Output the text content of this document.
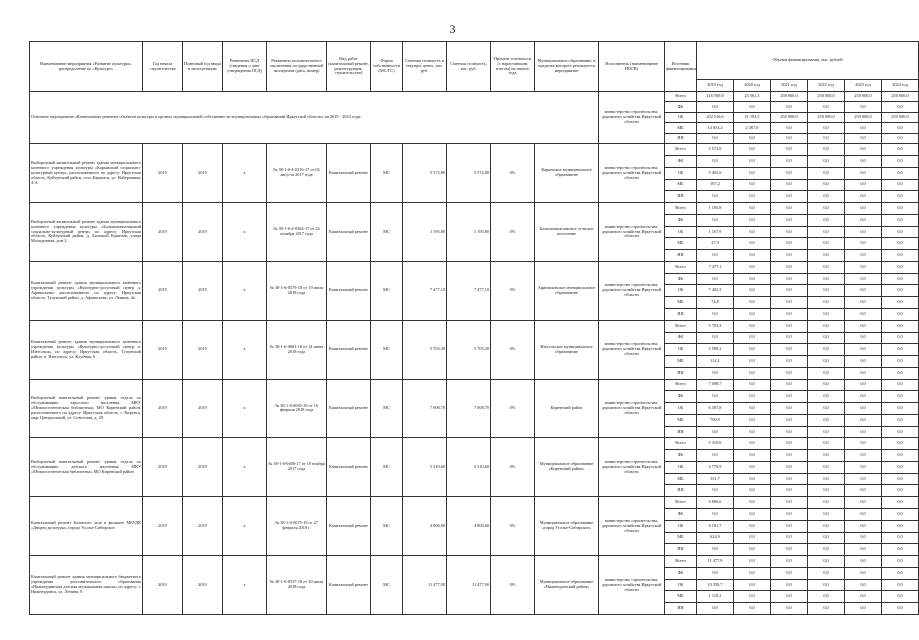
3
Наименование мероприятия «Развитие культуры», распределение по «Культуре»	Год начала строительства	Плановый год ввода в эксплуатацию	Реквизиты ПСД (сведения о дате утверждения ПСД)	Реквизиты положительного заключения государственной экспертизы (дата, номер)	Вид работ (капитальный ремонт, реконструкция, строительство)	Форма собственности (МС/ГС)	Сметная стоимость в текущих ценах, тыс. руб.	Сметная стоимость, тыс. руб.	Процент готовности (с нарастающим итогом) на начало года	Муниципальное образование, в пределах которого реализуется мероприятие	Исполнитель (наименование ИОГВ)	Источник финансирования	Объемы финансирования, тыс. рублей					
													2019 год	2020 год	2021 год	2022 год	2023 год	2024 год
Основное мероприятие «Капитальные ремонты объектов культуры в органах муниципальной собственности муниципальных образований Иркутской области» на 2019 - 2024 годы											министерство строительства, дорожного хозяйства Иркутской области	Всего	216 569,8	23 561,3	250 000,0	250 000,0	250 000,0	250 000,0
												ФБ	0,0	0,0	0,0	0,0	0,0	0,0
												ОБ	202 516,6	21 193,5	250 000,0	250 000,0	250 000,0	250 000,0
												МБ	14 053,2	2 367,8	0,0	0,0	0,0	0,0
												ИИ	0,0	0,0	0,0	0,0	0,0	0,0
Выборочный капитальный ремонт здания муниципального казенного учреждения культуры «Карымский социально-культурный центр», расположенного по адресу: Иркутская область, Куйтунский район, село Карымск, ул. Набережная, 4-А	2019	2019	х	№ 38-1-6-4-0316-17 от 02 августа 2017 года	Капитальный ремонт	МС	5 572,80	5 572,80	0%	Карымское муниципальное образование	министерство строительства, дорожного хозяйства Иркутской области	Всего	5 572,8	0,0	0,0	0,0	0,0	0,0
												ФБ	0,0	0,0	0,0	0,0	0,0	0,0
												ОБ	5 405,6	0,0	0,0	0,0	0,0	0,0
												МБ	167,2	0,0	0,0	0,0	0,0	0,0
												ИИ	0,0	0,0	0,0	0,0	0,0	0,0
Выборочный капитальный ремонт здания муниципального казенного учреждения культуры «Большекашелакский социально-культурный центр» по адресу: Иркутская область, Куйтунский район, д. Большой Кашелак, улица Молодежная, дом 2	2019	2019	х	№ 38-1-6-4-0364-17 от 24 октября 2017 года	Капитальный ремонт	МС	1 195,80	1 195,80	0%	Большекашелакское сельское поселение	министерство строительства, дорожного хозяйства Иркутской области	Всего	1 195,8	0,0	0,0	0,0	0,0	0,0
												ФБ	0,0	0,0	0,0	0,0	0,0	0,0
												ОБ	1 167,9	0,0	0,0	0,0	0,0	0,0
												МБ	27,9	0,0	0,0	0,0	0,0	0,0
												ИИ	0,0	0,0	0,0	0,0	0,0	0,0
Капитальный ремонт здания муниципального казенного учреждения культуры «Культурно-досуговый центр д. Афанасьева» расположенного по адресу: Иркутская область, Тулунский район, д. Афанасьева, ул. Ленина, 4а	2019	2019	х	№ 38-1-6-0579-18 от 19 июля 2018 года	Капитальный ремонт	МС	7 477,10	7 477,10	0%	Афанасьевское муниципальное образование	министерство строительства, дорожного хозяйства Иркутской области	Всего	7 477,1	0,0	0,0	0,0	0,0	0,0
												ФБ	0,0	0,0	0,0	0,0	0,0	0,0
												ОБ	7 402,3	0,0	0,0	0,0	0,0	0,0
												МБ	74,8	0,0	0,0	0,0	0,0	0,0
												ИИ	0,0	0,0	0,0	0,0	0,0	0,0
Капитальный ремонт здания муниципального казенного учреждения культуры «Культурно-досуговый центр п. Изегольск» по адресу: Иркутская область, Тулунский район, п. Изегольск, ул. Клубная, 6	2019	2019	х	№ 38-1-6-0601-18 от 14 июня 2018 года	Капитальный ремонт	МС	5 703,30	5 703,30	0%	Изегольское муниципальное образование	министерство строительства, дорожного хозяйства Иркутской области	Всего	5 703,3	0,0	0,0	0,0	0,0	0,0
												ФБ	0,0	0,0	0,0	0,0	0,0	0,0
												ОБ	5 589,2	0,0	0,0	0,0	0,0	0,0
												МБ	114,1	0,0	0,0	0,0	0,0	0,0
												ИИ	0,0	0,0	0,0	0,0	0,0	0,0
Выборочный капитальный ремонт здания отдела по обслуживанию взрослого населения МКУ «Межпоселенческая библиотека» МО Киренский район, расположенного по адресу: Иркутская область, г. Киренск, мкр. Центральный, ул. Советская, д. 29	2019	2019	х	№ 38-1-6-0082-18 от 16 февраля 2018 года	Капитальный ремонт	МС	7 008,70	7 008,70	0%	Киренский район	министерство строительства, дорожного хозяйства Иркутской области	Всего	7 008,7	0,0	0,0	0,0	0,0	0,0
												ФБ	0,0	0,0	0,0	0,0	0,0	0,0
												ОБ	6 307,8	0,0	0,0	0,0	0,0	0,0
												МБ	700,9	0,0	0,0	0,0	0,0	0,0
												ИИ	0,0	0,0	0,0	0,0	0,0	0,0
Выборочный капитальный ремонт здания отдела по обслуживанию детского населения МКУ «Межпоселенческая библиотека» МО Киренский район	2019	2019	х	№ 38-1-6-0406-17 от 10 ноября 2017 года	Капитальный ремонт	МС	5 310,60	5 310,60	0%	Муниципальное образование «Киренский район»	министерство строительства, дорожного хозяйства Иркутской области	Всего	5 310,6	0,0	0,0	0,0	0,0	0,0
												ФБ	0,0	0,0	0,0	0,0	0,0	0,0
												ОБ	4 779,9	0,0	0,0	0,0	0,0	0,0
												МБ	531,7	0,0	0,0	0,0	0,0	0,0
												ИИ	0,0	0,0	0,0	0,0	0,0	0,0
Капитальный ремонт Большого зала в филиале МБУДК «Дворец культуры» города Усолье-Сибирское	2019	2019	х	№ 38-1-6-0075-18 от 27 февраля 2018 г.	Капитальный ремонт	МС	4 806,60	4 806,60	0%	Муниципальное образование «город Усолье-Сибирское»	министерство строительства, дорожного хозяйства Иркутской области	Всего	4 806,6	0,0	0,0	0,0	0,0	0,0
												ФБ	0,0	0,0	0,0	0,0	0,0	0,0
												ОБ	4 181,7	0,0	0,0	0,0	0,0	0,0
												МБ	624,9	0,0	0,0	0,0	0,0	0,0
												ИИ	0,0	0,0	0,0	0,0	0,0	0,0
Капитальный ремонт здания муниципального бюджетного учреждения дополнительного образования «Нижнеудинская детская музыкальная школа» по адресу: г. Нижнеудинск, ул. Ленина, 8	2019	2019	х	№ 38-1-6-0537-18 от 30 июля 2018 года	Капитальный ремонт	МС	11 477,90	11 477,90	0%	Муниципальное образование «Нижнеудинский район»	министерство строительства, дорожного хозяйства Иркутской области	Всего	11 477,9	0,0	0,0	0,0	0,0	0,0
												ФБ	0,0	0,0	0,0	0,0	0,0	0,0
												ОБ	10 359,7	0,0	0,0	0,0	0,0	0,0
												МБ	1 118,2	0,0	0,0	0,0	0,0	0,0
												ИИ	0,0	0,0	0,0	0,0	0,0	0,0
